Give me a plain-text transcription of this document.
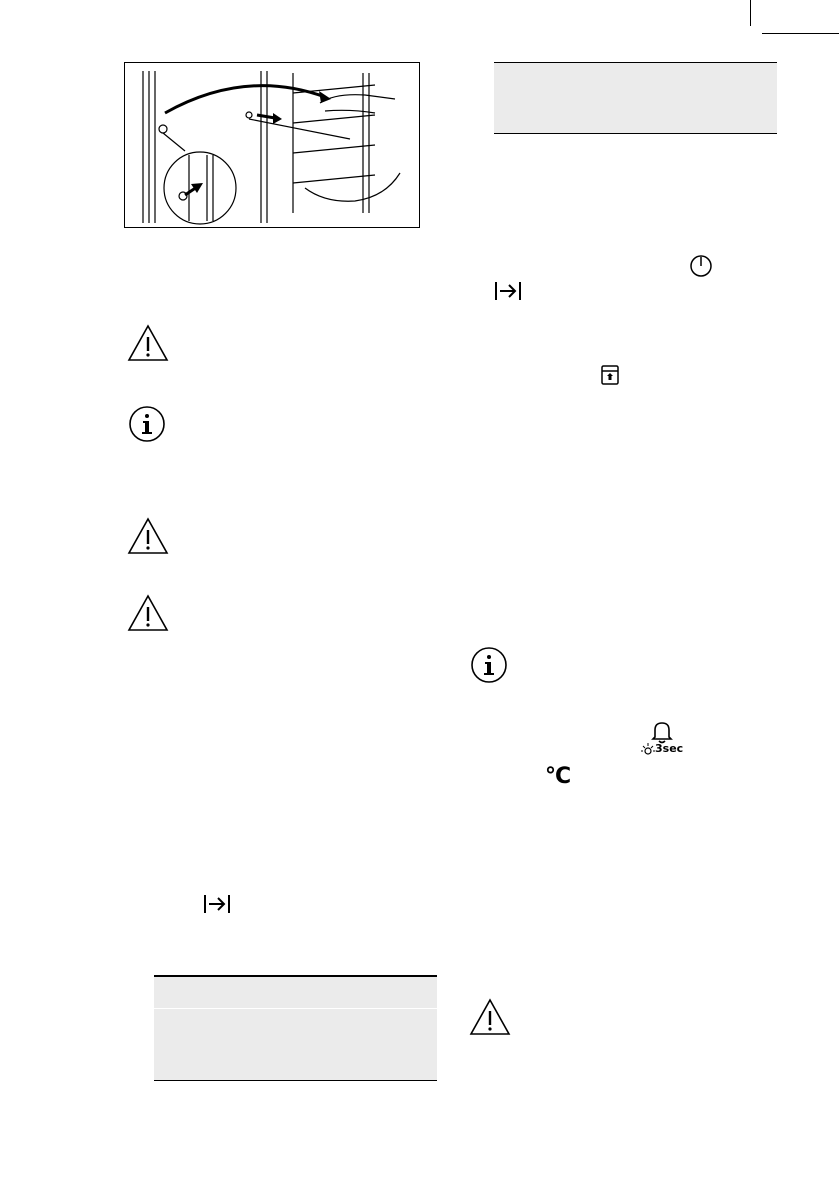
3sec
°C
